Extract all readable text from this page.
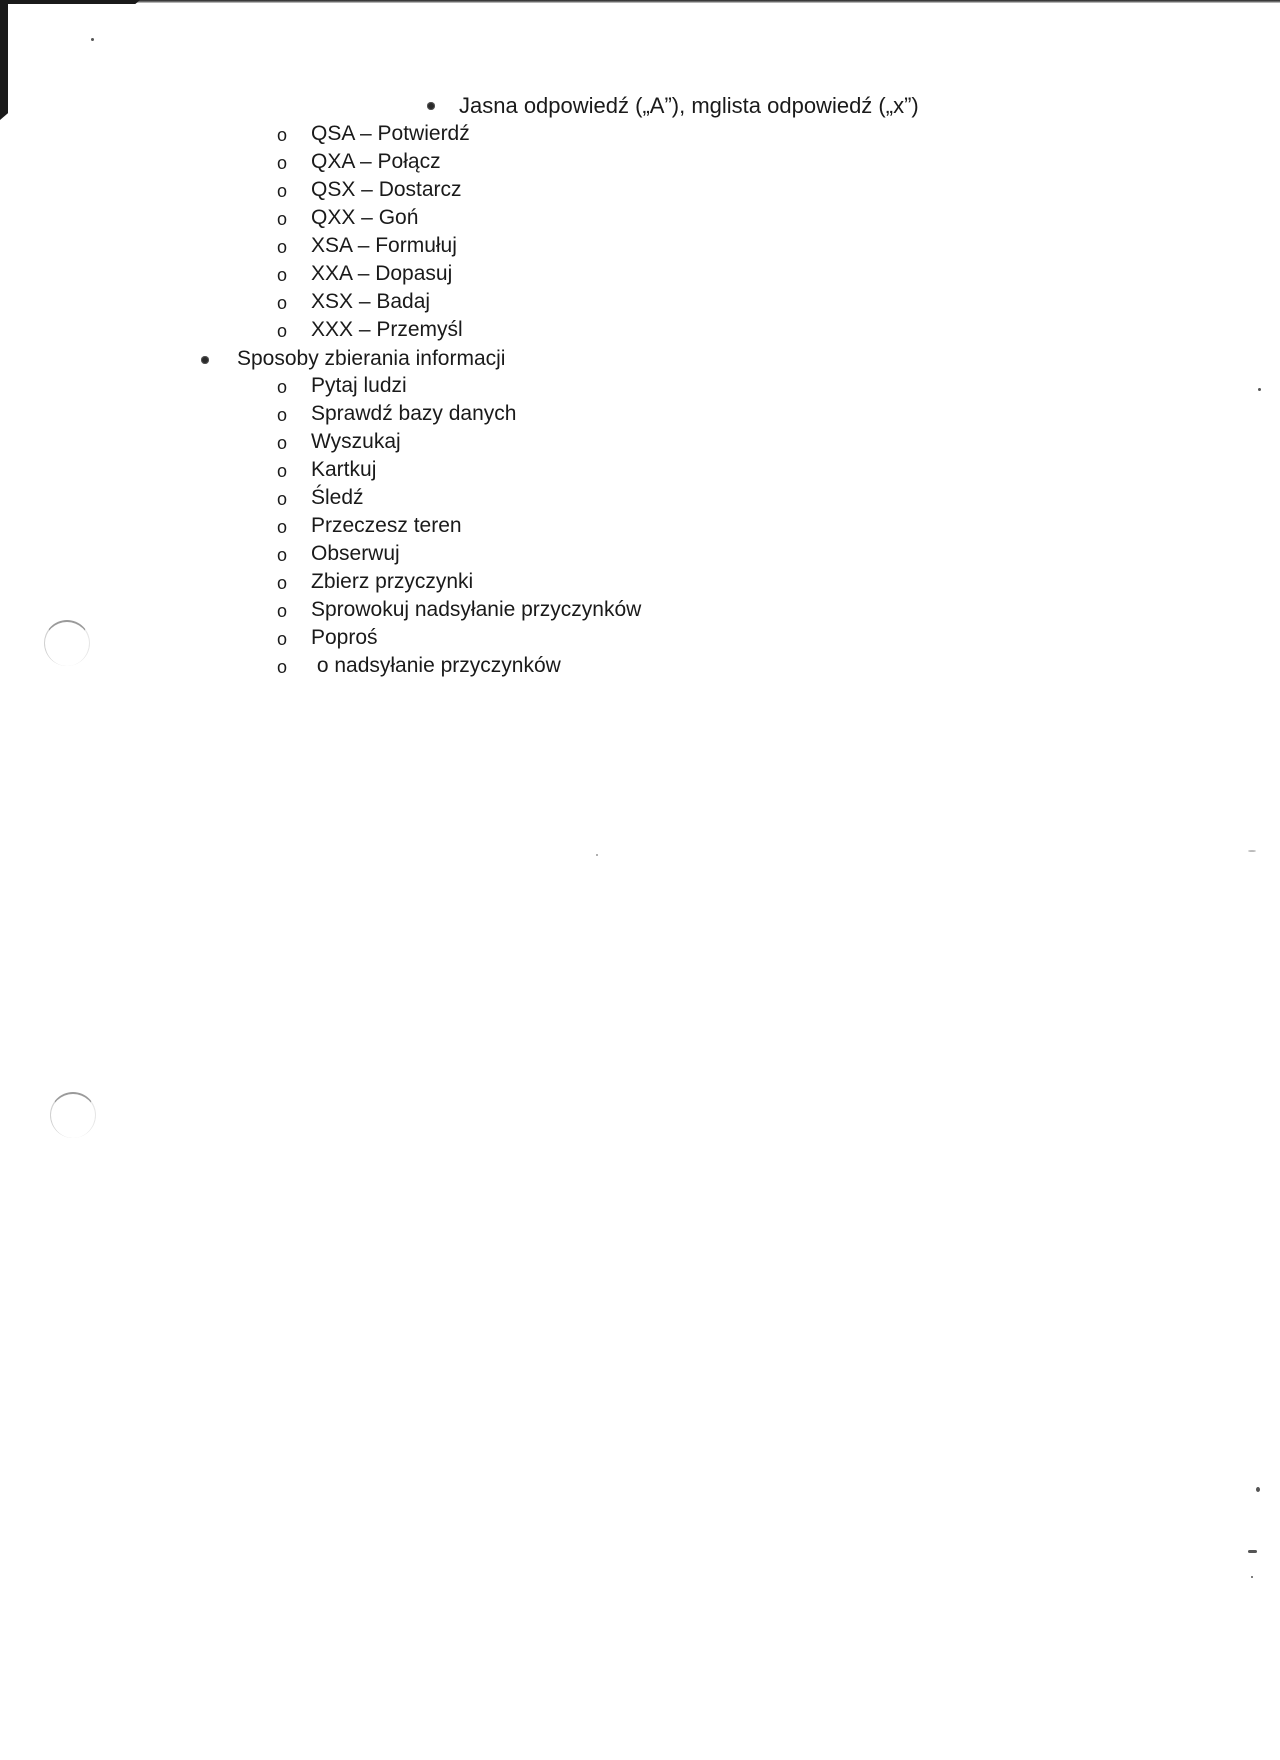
Jasna odpowiedź („A”), mglista odpowiedź („x”)
o QSA – Potwierdź
o QXA – Połącz
o QSX – Dostarcz
o QXX – Goń
o XSA – Formułuj
o XXA – Dopasuj
o XSX – Badaj
o XXX – Przemyśl
Sposoby zbierania informacji
o Pytaj ludzi
o Sprawdź bazy danych
o Wyszukaj
o Kartkuj
o Śledź
o Przeczesz teren
o Obserwuj
o Zbierz przyczynki
o Sprowokuj nadsyłanie przyczynków
o Poproś
o o nadsyłanie przyczynków
